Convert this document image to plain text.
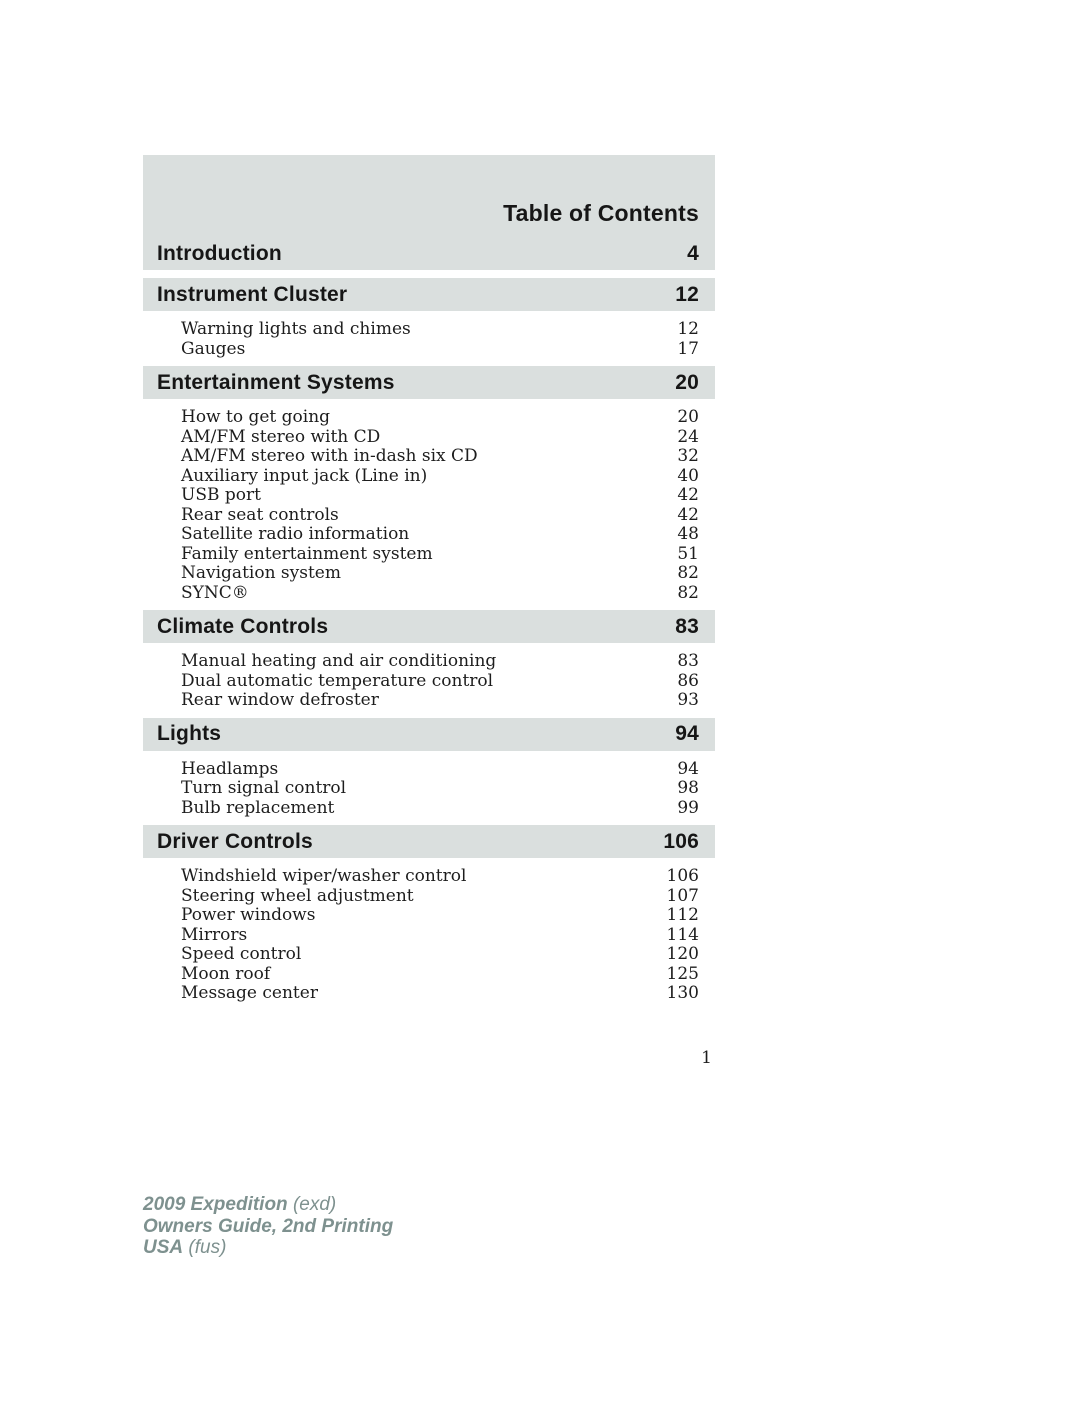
Table of Contents
Introduction	4
Instrument Cluster	12
Warning lights and chimes	12
Gauges	17
Entertainment Systems	20
How to get going	20
AM/FM stereo with CD	24
AM/FM stereo with in-dash six CD	32
Auxiliary input jack (Line in)	40
USB port	42
Rear seat controls	42
Satellite radio information	48
Family entertainment system	51
Navigation system	82
SYNC®	82
Climate Controls	83
Manual heating and air conditioning	83
Dual automatic temperature control	86
Rear window defroster	93
Lights	94
Headlamps	94
Turn signal control	98
Bulb replacement	99
Driver Controls	106
Windshield wiper/washer control	106
Steering wheel adjustment	107
Power windows	112
Mirrors	114
Speed control	120
Moon roof	125
Message center	130
1
2009 Expedition (exd)
Owners Guide, 2nd Printing
USA (fus)
